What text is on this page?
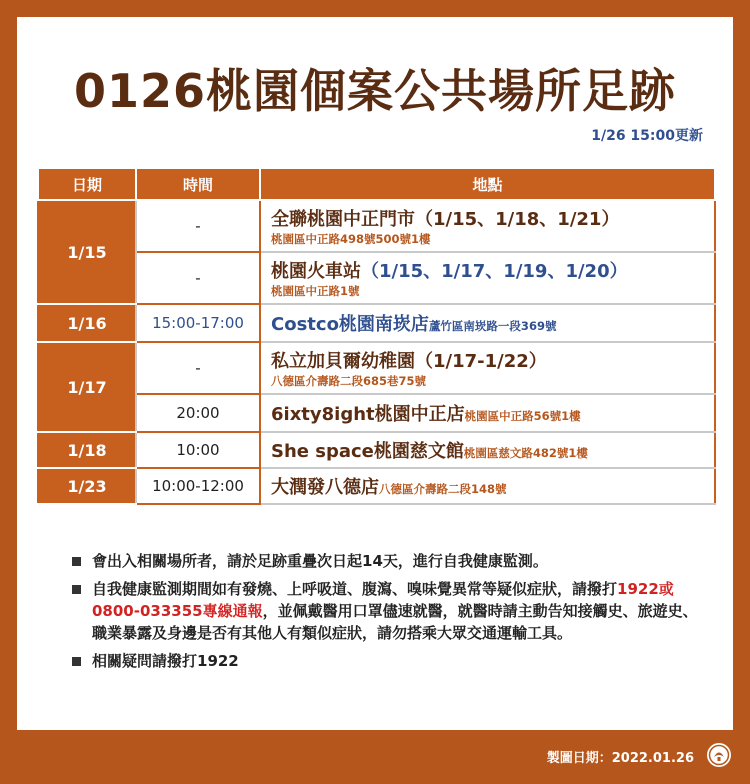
0126桃園個案公共場所足跡
1/26 15:00更新
日期	時間	地點
1/15	-	全聯桃園中正門市（1/15、1/18、1/21）
桃園區中正路498號500號1樓

	-	桃園火車站（1/15、1/17、1/19、1/20）
桃園區中正路1號

1/16	15:00-17:00	Costco桃園南崁店蘆竹區南崁路一段369號
1/17	-	私立加貝爾幼稚園（1/17-1/22）
八德區介壽路二段685巷75號

	20:00	6ixty8ight桃園中正店桃園區中正路56號1樓
1/18	10:00	She space桃園慈文館桃園區慈文路482號1樓
1/23	10:00-12:00	大潤發八德店八德區介壽路二段148號
會出入相關場所者，請於足跡重疊次日起14天，進行自我健康監測。
自我健康監測期間如有發燒、上呼吸道、腹瀉、嗅味覺異常等疑似症狀，請撥打1922或0800-033355專線通報，並佩戴醫用口罩儘速就醫，就醫時請主動告知接觸史、旅遊史、職業暴露及身邊是否有其他人有類似症狀，請勿搭乘大眾交通運輸工具。
相關疑問請撥打1922
製圖日期：2022.01.26
